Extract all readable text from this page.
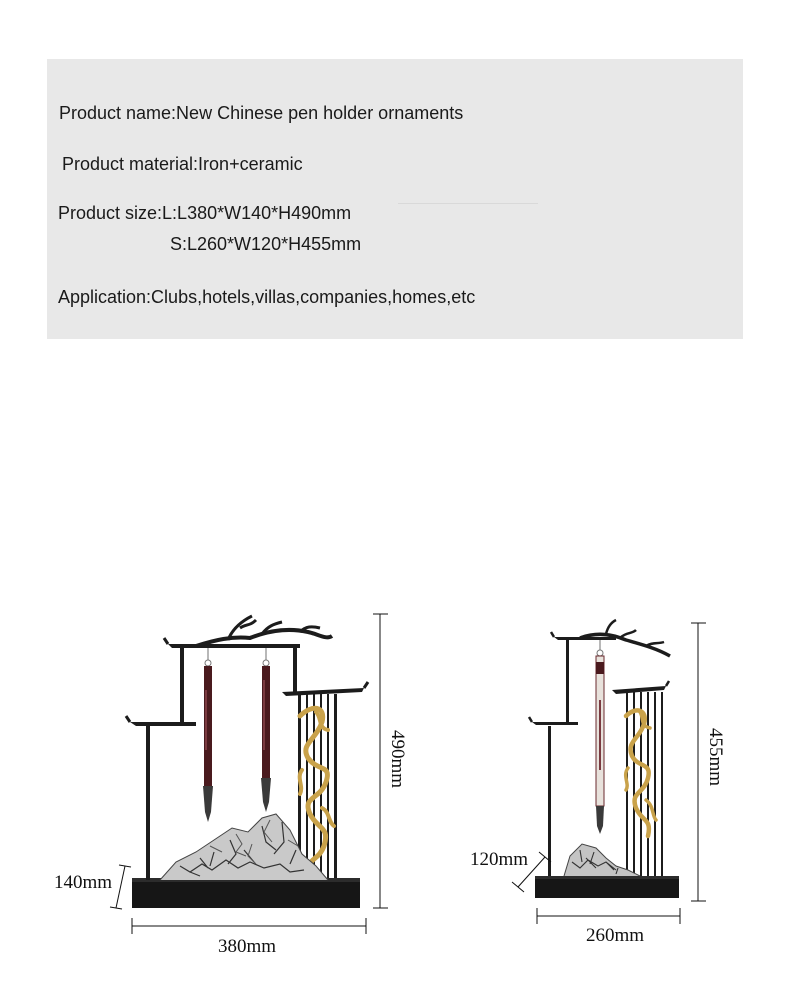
Product name:New Chinese pen holder ornaments
Product material:Iron+ceramic
Product size:L:L380*W140*H490mm
S:L260*W120*H455mm
Application:Clubs,hotels,villas,companies,homes,etc
490mm
140mm
380mm
455mm
120mm
260mm
